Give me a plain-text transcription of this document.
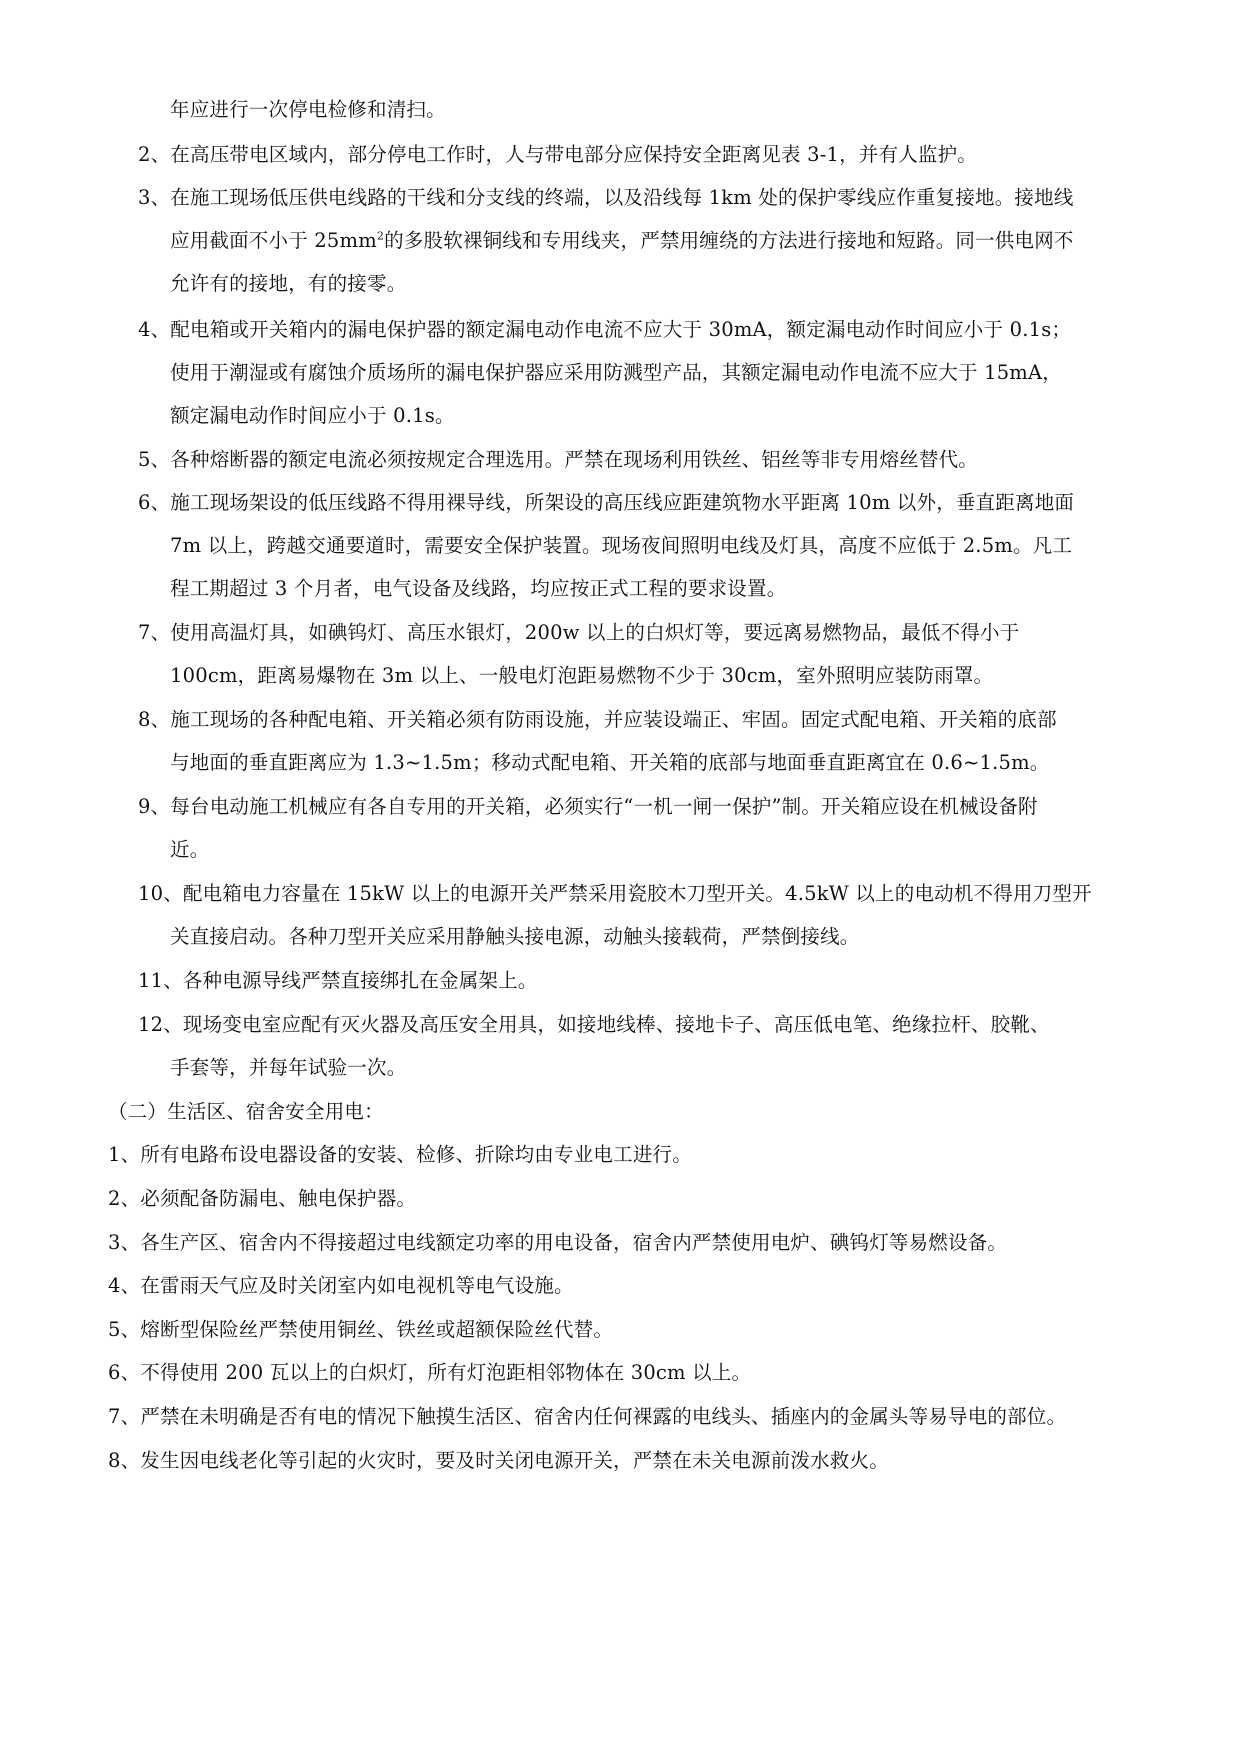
年应进行一次停电检修和清扫。
2、在高压带电区域内，部分停电工作时，人与带电部分应保持安全距离见表 3-1，并有人监护。
3、在施工现场低压供电线路的干线和分支线的终端，以及沿线每 1km 处的保护零线应作重复接地。接地线
应用截面不小于 $25mm^2$的多股软裸铜线和专用线夹，严禁用缠绕的方法进行接地和短路。同一供电网不
允许有的接地，有的接零。
4、配电箱或开关箱内的漏电保护器的额定漏电动作电流不应大于 30mA，额定漏电动作时间应小于 0.1s；
使用于潮湿或有腐蚀介质场所的漏电保护器应采用防溅型产品，其额定漏电动作电流不应大于 15mA，
额定漏电动作时间应小于 0.1s。
5、各种熔断器的额定电流必须按规定合理选用。严禁在现场利用铁丝、铝丝等非专用熔丝替代。
6、施工现场架设的低压线路不得用裸导线，所架设的高压线应距建筑物水平距离 10m 以外，垂直距离地面
7m 以上，跨越交通要道时，需要安全保护装置。现场夜间照明电线及灯具，高度不应低于 2.5m。凡工
程工期超过 3 个月者，电气设备及线路，均应按正式工程的要求设置。
7、使用高温灯具，如碘钨灯、高压水银灯，200w 以上的白炽灯等，要远离易燃物品，最低不得小于
100cm，距离易爆物在 3m 以上、一般电灯泡距易燃物不少于 30cm，室外照明应装防雨罩。
8、施工现场的各种配电箱、开关箱必须有防雨设施，并应装设端正、牢固。固定式配电箱、开关箱的底部
与地面的垂直距离应为 1.3~1.5m；移动式配电箱、开关箱的底部与地面垂直距离宜在 0.6~1.5m。
9、每台电动施工机械应有各自专用的开关箱，必须实行“一机一闸一保护”制。开关箱应设在机械设备附
近。
10、配电箱电力容量在 15kW 以上的电源开关严禁采用瓷胶木刀型开关。4.5kW 以上的电动机不得用刀型开
关直接启动。各种刀型开关应采用静触头接电源，动触头接载荷，严禁倒接线。
11、各种电源导线严禁直接绑扎在金属架上。
12、现场变电室应配有灭火器及高压安全用具，如接地线棒、接地卡子、高压低电笔、绝缘拉杆、胶靴、
手套等，并每年试验一次。
（二）生活区、宿舍安全用电：
1、所有电路布设电器设备的安装、检修、折除均由专业电工进行。
2、必须配备防漏电、触电保护器。
3、各生产区、宿舍内不得接超过电线额定功率的用电设备，宿舍内严禁使用电炉、碘钨灯等易燃设备。
4、在雷雨天气应及时关闭室内如电视机等电气设施。
5、熔断型保险丝严禁使用铜丝、铁丝或超额保险丝代替。
6、不得使用 200 瓦以上的白炽灯，所有灯泡距相邻物体在 30cm 以上。
7、严禁在未明确是否有电的情况下触摸生活区、宿舍内任何裸露的电线头、插座内的金属头等易导电的部位。
8、发生因电线老化等引起的火灾时，要及时关闭电源开关，严禁在未关电源前泼水救火。
